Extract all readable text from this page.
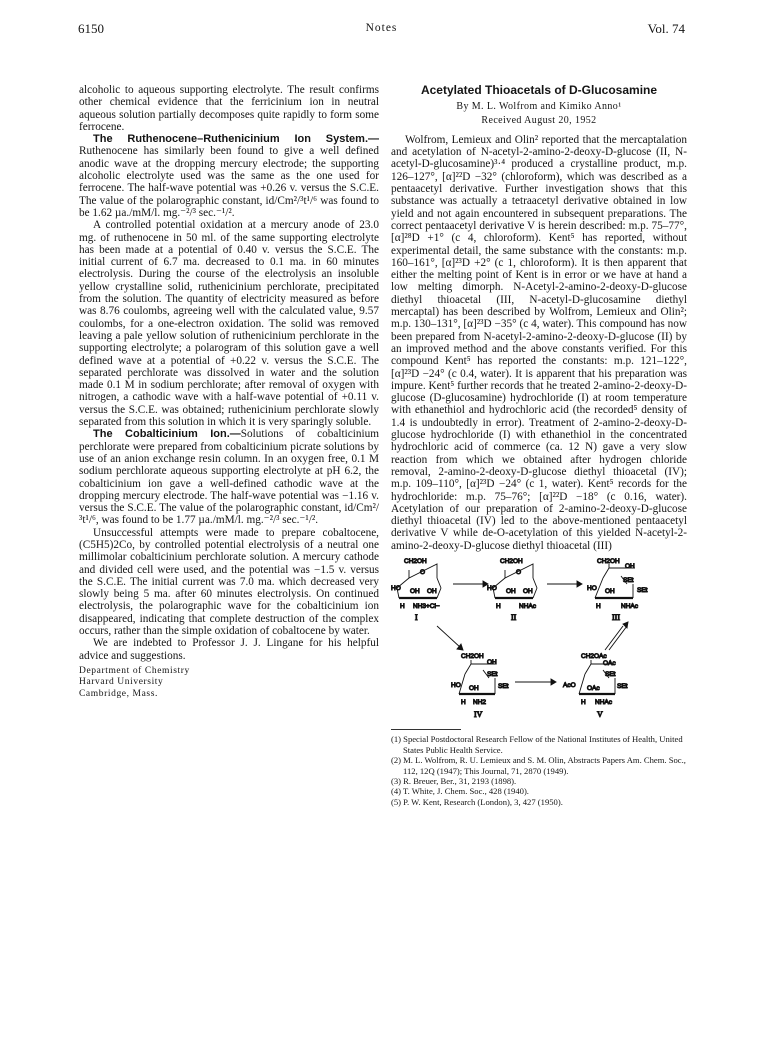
6150	Notes	Vol. 74

alcoholic to aqueous supporting electrolyte. The result confirms other chemical evidence that the ferricinium ion in neutral aqueous solution partially decomposes quite rapidly to form some ferrocene.

The Ruthenocene–Ruthenicinium Ion System.—Ruthenocene has similarly been found to give a well defined anodic wave at the dropping mercury electrode; the supporting alcoholic electrolyte used was the same as the one used for ferrocene. The half-wave potential was +0.26 v. versus the S.C.E. The value of the polarographic constant, id/Cm²/³t¹/⁶ was found to be 1.62 µa./mM/l. mg.⁻²/³ sec.⁻¹/².

A controlled potential oxidation at a mercury anode of 23.0 mg. of ruthenocene in 50 ml. of the same supporting electrolyte has been made at a potential of 0.40 v. versus the S.C.E. The initial current of 6.7 ma. decreased to 0.1 ma. in 60 minutes electrolysis. During the course of the electrolysis an insoluble yellow crystalline solid, ruthenicinium perchlorate, precipitated from the solution. The quantity of electricity measured as before was 8.76 coulombs, agreeing well with the calculated value, 9.57 coulombs, for a one-electron oxidation. The solid was removed leaving a pale yellow solution of ruthenicinium perchlorate in the supporting electrolyte; a polarogram of this solution gave a well defined wave at a potential of +0.22 v. versus the S.C.E. The separated perchlorate was dissolved in water and the solution made 0.1 M in sodium perchlorate; after removal of oxygen with nitrogen, a cathodic wave with a half-wave potential of +0.11 v. versus the S.C.E. was obtained; ruthenicinium perchlorate slowly separated from this solution in which it is very sparingly soluble.

The Cobalticinium Ion.—Solutions of cobalticinium perchlorate were prepared from cobalticinium picrate solutions by use of an anion exchange resin column. In an oxygen free, 0.1 M sodium perchlorate aqueous supporting electrolyte at pH 6.2, the cobalticinium ion gave a well-defined cathodic wave at the dropping mercury electrode. The half-wave potential was −1.16 v. versus the S.C.E. The value of the polarographic constant, id/Cm²/³t¹/⁶, was found to be 1.77 µa./mM/l. mg.⁻²/³ sec.⁻¹/².

Unsuccessful attempts were made to prepare cobaltocene, (C5H5)2Co, by controlled potential electrolysis of a neutral one millimolar cobalticinium perchlorate solution. A mercury cathode and divided cell were used, and the potential was −1.5 v. versus the S.C.E. The initial current was 7.0 ma. which decreased very slowly being 5 ma. after 60 minutes electrolysis. On continued electrolysis, the polarographic wave for the cobalticinium ion disappeared, indicating that complete destruction of the complex occurs, rather than the simple oxidation of cobaltocene by water.

We are indebted to Professor J. J. Lingane for his helpful advice and suggestions.

Department of Chemistry
Harvard University
Cambridge, Mass.
Acetylated Thioacetals of D-Glucosamine
By M. L. Wolfrom and Kimiko Anno¹
Received August 20, 1952

Wolfrom, Lemieux and Olin² reported that the mercaptalation and acetylation of N-acetyl-2-amino-2-deoxy-D-glucose (II, N-acetyl-D-glucosamine)³·⁴ produced a crystalline product, m.p. 126–127°, [α]²²D −32° (chloroform), which was described as a pentaacetyl derivative. Further investigation shows that this substance was actually a tetraacetyl derivative obtained in low yield and not again encountered in subsequent preparations. The correct pentaacetyl derivative V is herein described: m.p. 75–77°, [α]²⁸D +1° (c 4, chloroform). Kent⁵ has reported, without experimental detail, the same substance with the constants: m.p. 160–161°, [α]²³D +2° (c 1, chloroform). It is then apparent that either the melting point of Kent is in error or we have at hand a low melting dimorph. N-Acetyl-2-amino-2-deoxy-D-glucose diethyl thioacetal (III, N-acetyl-D-glucosamine diethyl mercaptal) has been described by Wolfrom, Lemieux and Olin²; m.p. 130–131°, [α]²³D −35° (c 4, water). This compound has now been prepared from N-acetyl-2-amino-2-deoxy-D-glucose (II) by an improved method and the above constants verified. For this compound Kent⁵ has reported the constants: m.p. 121–122°, [α]²³D −24° (c 0.4, water). It is apparent that his preparation was impure. Kent⁵ further records that he treated 2-amino-2-deoxy-D-glucose (D-glucosamine) hydrochloride (I) at room temperature with ethanethiol and hydrochloric acid (the recorded⁵ density of 1.4 is undoubtedly in error). Treatment of 2-amino-2-deoxy-D-glucose hydrochloride (I) with ethanethiol in the concentrated hydrochloric acid of commerce (ca. 12 N) gave a very slow reaction from which we obtained after hydrogen chloride removal, 2-amino-2-deoxy-D-glucose diethyl thioacetal (IV); m.p. 109–110°, [α]²³D −24° (c 1, water). Kent⁵ records for the hydrochloride: m.p. 75–76°; [α]²²D −18° (c 0.16, water). Acetylation of our preparation of 2-amino-2-deoxy-D-glucose diethyl thioacetal (IV) led to the above-mentioned pentaacetyl derivative V while de-O-acetylation of this yielded N-acetyl-2-amino-2-deoxy-D-glucose diethyl thioacetal (III)

CH2OH
O
HO OH OH
H NH3+Cl−
I
CH2OH
O
HO OH OH
H	NHAc
II
CH2OH
OH
SEt
HO OH	SEt
H	NHAc
III
CH2OH
OH
SEt
HO OH	SEt
H NH2
IV
CH2OAc
OAc
SEt
AcO OAc	SEt
H NHAc
V
(1) Special Postdoctoral Research Fellow of the National Institutes of Health, United States Public Health Service.
(2) M. L. Wolfrom, R. U. Lemieux and S. M. Olin, Abstracts Papers Am. Chem. Soc., 112, 12Q (1947); This Journal, 71, 2870 (1949).
(3) R. Breuer, Ber., 31, 2193 (1898).
(4) T. White, J. Chem. Soc., 428 (1940).
(5) P. W. Kent, Research (London), 3, 427 (1950).
